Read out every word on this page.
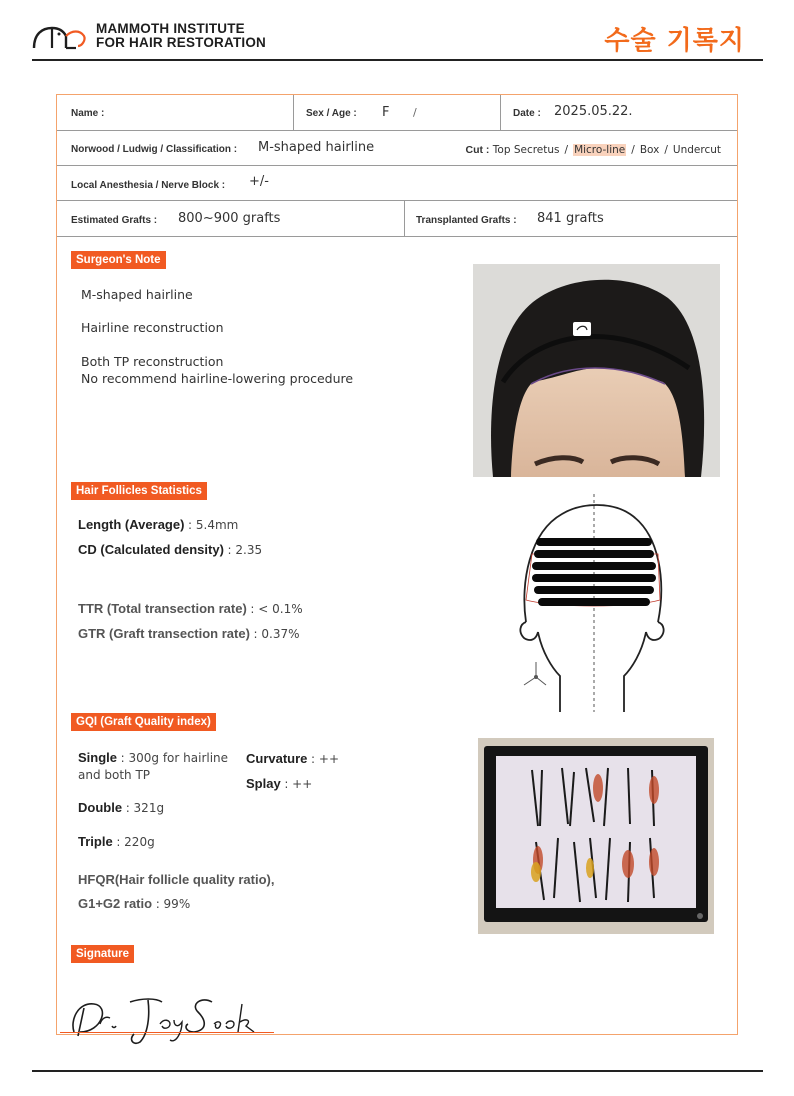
MAMMOTH INSTITUTE
FOR HAIR RESTORATION	수술 기록지
Name :	Sex / Age : F /	Date : 2025.05.22.
Norwood / Ludwig / Classification : M-shaped hairline	Cut : Top Secretus / Micro-line / Box / Undercut
Local Anesthesia / Nerve Block : +/-
Estimated Grafts : 800~900 grafts	Transplanted Grafts : 841 grafts
Surgeon's Note
M-shaped hairline
Hairline reconstruction
Both TP reconstruction
No recommend hairline-lowering procedure
Hair Follicles Statistics
Length (Average) : 5.4mm
CD (Calculated density) : 2.35
TTR (Total transection rate) : < 0.1%
GTR (Graft transection rate) : 0.37%
GQI (Graft Quality index)
Single : 300g for hairline
and both TP
Curvature : ++
Splay : ++
Double : 321g
Triple : 220g
HFQR(Hair follicle quality ratio),
G1+G2 ratio : 99%
Signature
Dr. Jay Seok
